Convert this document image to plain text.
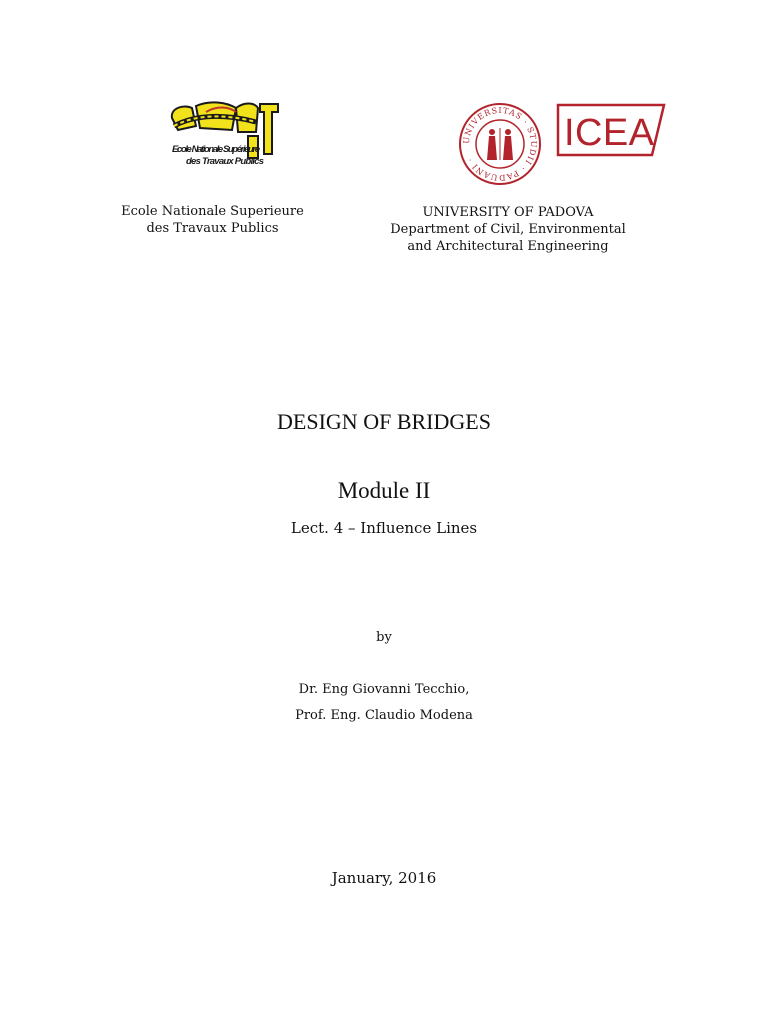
Ecole Nationale Supérieure
des Travaux Publics
UNIVERSITAS · STUDII · PADUANI ·
ICEA
Ecole Nationale Superieure
des Travaux Publics
UNIVERSITY OF PADOVA
Department of Civil, Environmental
and Architectural Engineering
DESIGN OF BRIDGES
Module II
Lect. 4 – Influence Lines
by
Dr. Eng Giovanni Tecchio,
Prof. Eng. Claudio Modena
January, 2016
